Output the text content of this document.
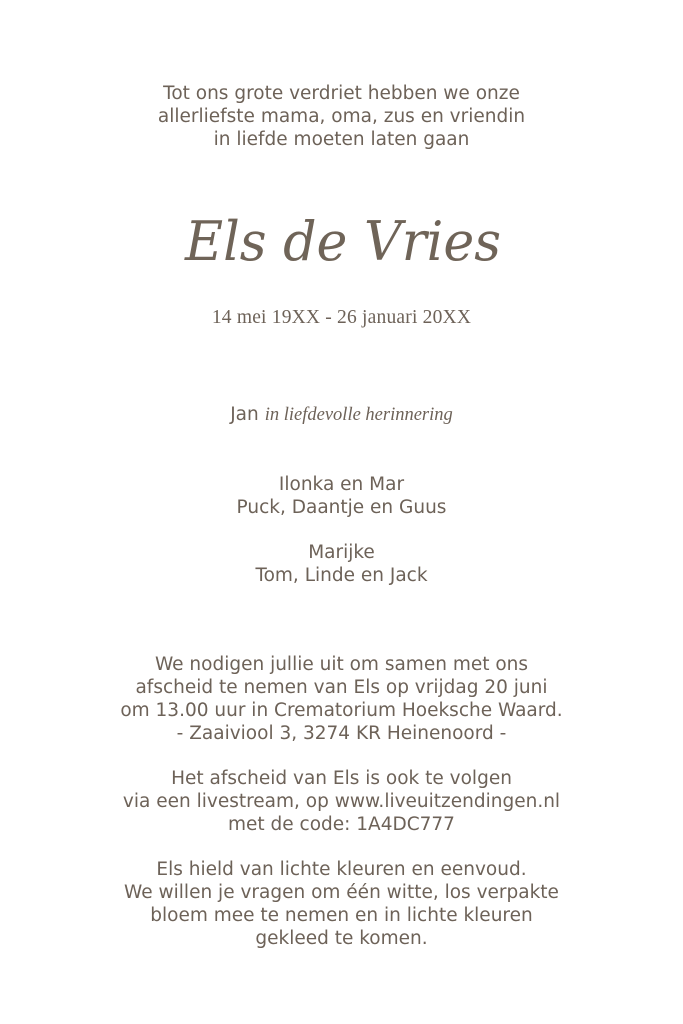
Tot ons grote verdriet hebben we onze
allerliefste mama, oma, zus en vriendin
in liefde moeten laten gaan
Els de Vries
14 mei 19XX - 26 januari 20XX
Jan in liefdevolle herinnering
Ilonka en Mar
Puck, Daantje en Guus
Marijke
Tom, Linde en Jack
We nodigen jullie uit om samen met ons
afscheid te nemen van Els op vrijdag 20 juni
om 13.00 uur in Crematorium Hoeksche Waard.
- Zaaiviool 3, 3274 KR Heinenoord -
Het afscheid van Els is ook te volgen
via een livestream, op www.liveuitzendingen.nl
met de code: 1A4DC777
Els hield van lichte kleuren en eenvoud.
We willen je vragen om één witte, los verpakte
bloem mee te nemen en in lichte kleuren
gekleed te komen.
